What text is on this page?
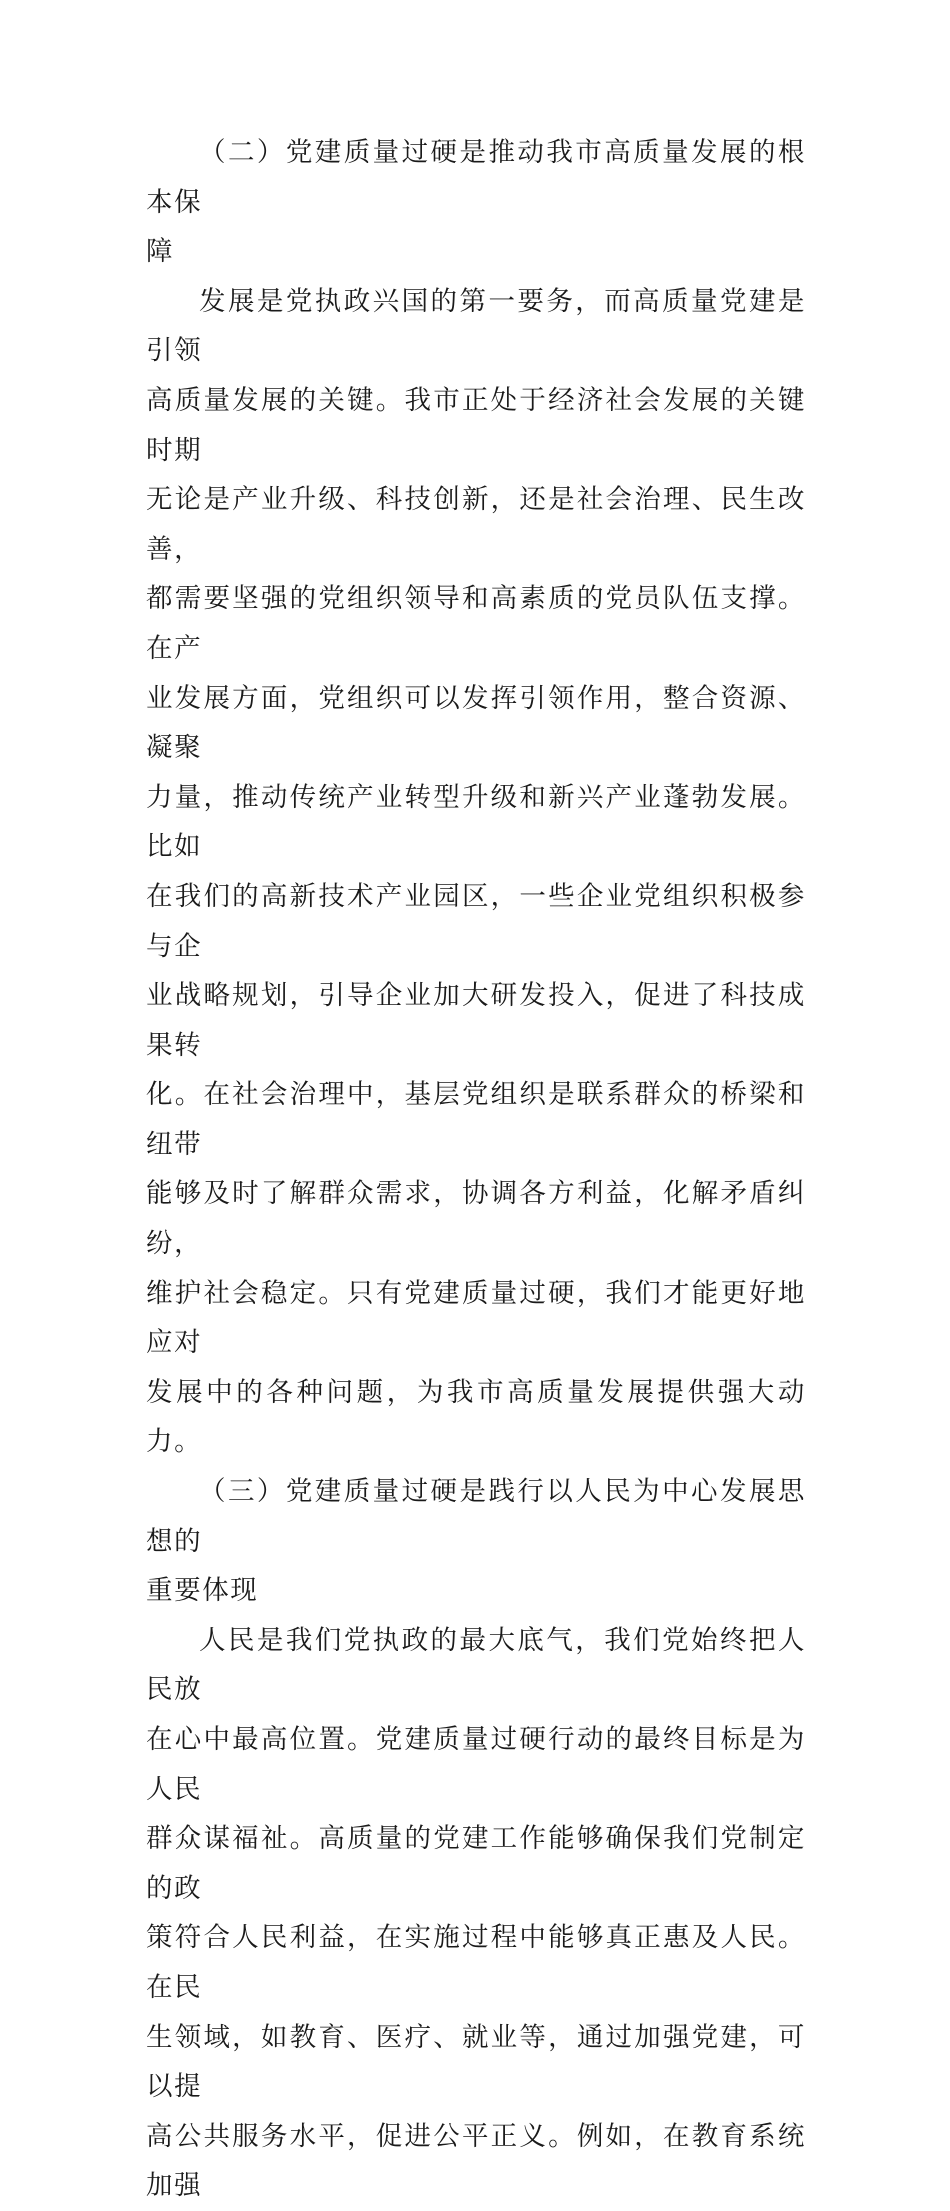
（二）党建质量过硬是推动我市高质量发展的根本保
障

发展是党执政兴国的第一要务，而高质量党建是引领
高质量发展的关键。我市正处于经济社会发展的关键时期
无论是产业升级、科技创新，还是社会治理、民生改善，
都需要坚强的党组织领导和高素质的党员队伍支撑。在产
业发展方面，党组织可以发挥引领作用，整合资源、凝聚
力量，推动传统产业转型升级和新兴产业蓬勃发展。比如
在我们的高新技术产业园区，一些企业党组织积极参与企
业战略规划，引导企业加大研发投入，促进了科技成果转
化。在社会治理中，基层党组织是联系群众的桥梁和纽带
能够及时了解群众需求，协调各方利益，化解矛盾纠纷，
维护社会稳定。只有党建质量过硬，我们才能更好地应对
发展中的各种问题，为我市高质量发展提供强大动力。

（三）党建质量过硬是践行以人民为中心发展思想的
重要体现

人民是我们党执政的最大底气，我们党始终把人民放
在心中最高位置。党建质量过硬行动的最终目标是为人民
群众谋福祉。高质量的党建工作能够确保我们党制定的政
策符合人民利益，在实施过程中能够真正惠及人民。在民
生领域，如教育、医疗、就业等，通过加强党建，可以提
高公共服务水平，促进公平正义。例如，在教育系统加强
